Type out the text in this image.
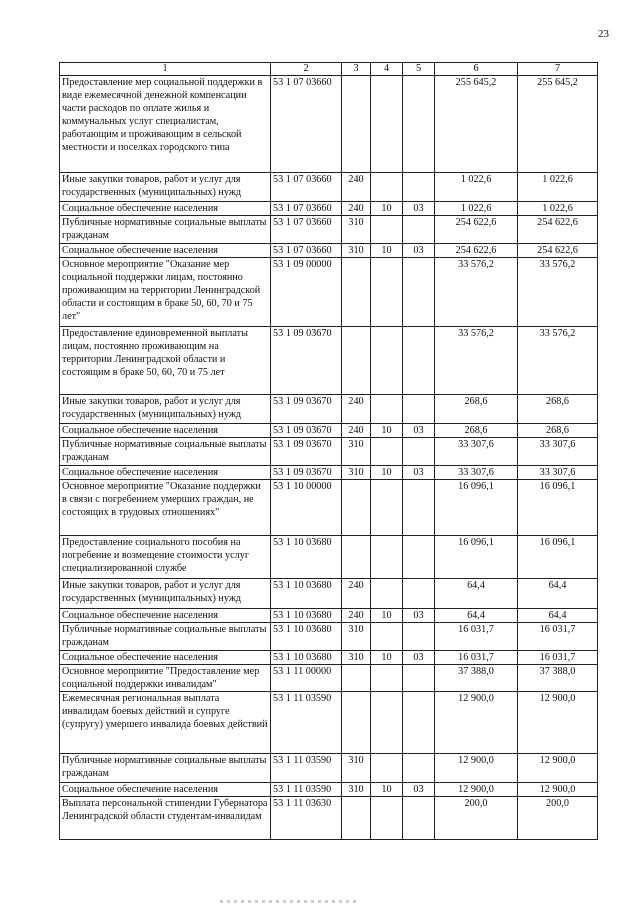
23
1	2	3	4	5	6	7
Предоставление мер социальной поддержки в виде ежемесячной денежной компенсации части расходов по оплате жилья и коммунальных услуг специалистам, работающим и проживающим в сельской местности и поселках городского типа	53 1 07 03660				255 645,2	255 645,2
Иные закупки товаров, работ и услуг для государственных (муниципальных) нужд	53 1 07 03660	240			1 022,6	1 022,6
Социальное обеспечение населения	53 1 07 03660	240	10	03	1 022,6	1 022,6
Публичные нормативные социальные выплаты гражданам	53 1 07 03660	310			254 622,6	254 622,6
Социальное обеспечение населения	53 1 07 03660	310	10	03	254 622,6	254 622,6
Основное мероприятие "Оказание мер социальной поддержки лицам, постоянно проживающим на территории Ленинградской области и состоящим в браке 50, 60, 70 и 75 лет"	53 1 09 00000				33 576,2	33 576,2
Предоставление единовременной выплаты лицам, постоянно проживающим на территории Ленинградской области и состоящим в браке 50, 60, 70 и 75 лет	53 1 09 03670				33 576,2	33 576,2
Иные закупки товаров, работ и услуг для государственных (муниципальных) нужд	53 1 09 03670	240			268,6	268,6
Социальное обеспечение населения	53 1 09 03670	240	10	03	268,6	268,6
Публичные нормативные социальные выплаты гражданам	53 1 09 03670	310			33 307,6	33 307,6
Социальное обеспечение населения	53 1 09 03670	310	10	03	33 307,6	33 307,6
Основное мероприятие "Оказание поддержки в связи с погребением умерших граждан, не состоящих в трудовых отношениях"	53 1 10 00000				16 096,1	16 096,1
Предоставление социального пособия на погребение и возмещение стоимости услуг специализированной службе	53 1 10 03680				16 096,1	16 096,1
Иные закупки товаров, работ и услуг для государственных (муниципальных) нужд	53 1 10 03680	240			64,4	64,4
Социальное обеспечение населения	53 1 10 03680	240	10	03	64,4	64,4
Публичные нормативные социальные выплаты гражданам	53 1 10 03680	310			16 031,7	16 031,7
Социальное обеспечение населения	53 1 10 03680	310	10	03	16 031,7	16 031,7
Основное мероприятие "Предоставление мер социальной поддержки инвалидам"	53 1 11 00000				37 388,0	37 388,0
Ежемесячная региональная выплата инвалидам боевых действий и супруге (супругу) умершего инвалида боевых действий	53 1 11 03590				12 900,0	12 900,0
Публичные нормативные социальные выплаты гражданам	53 1 11 03590	310			12 900,0	12 900,0
Социальное обеспечение населения	53 1 11 03590	310	10	03	12 900,0	12 900,0
Выплата персональной стипендии Губернатора Ленинградской области студентам-инвалидам	53 1 11 03630				200,0	200,0
